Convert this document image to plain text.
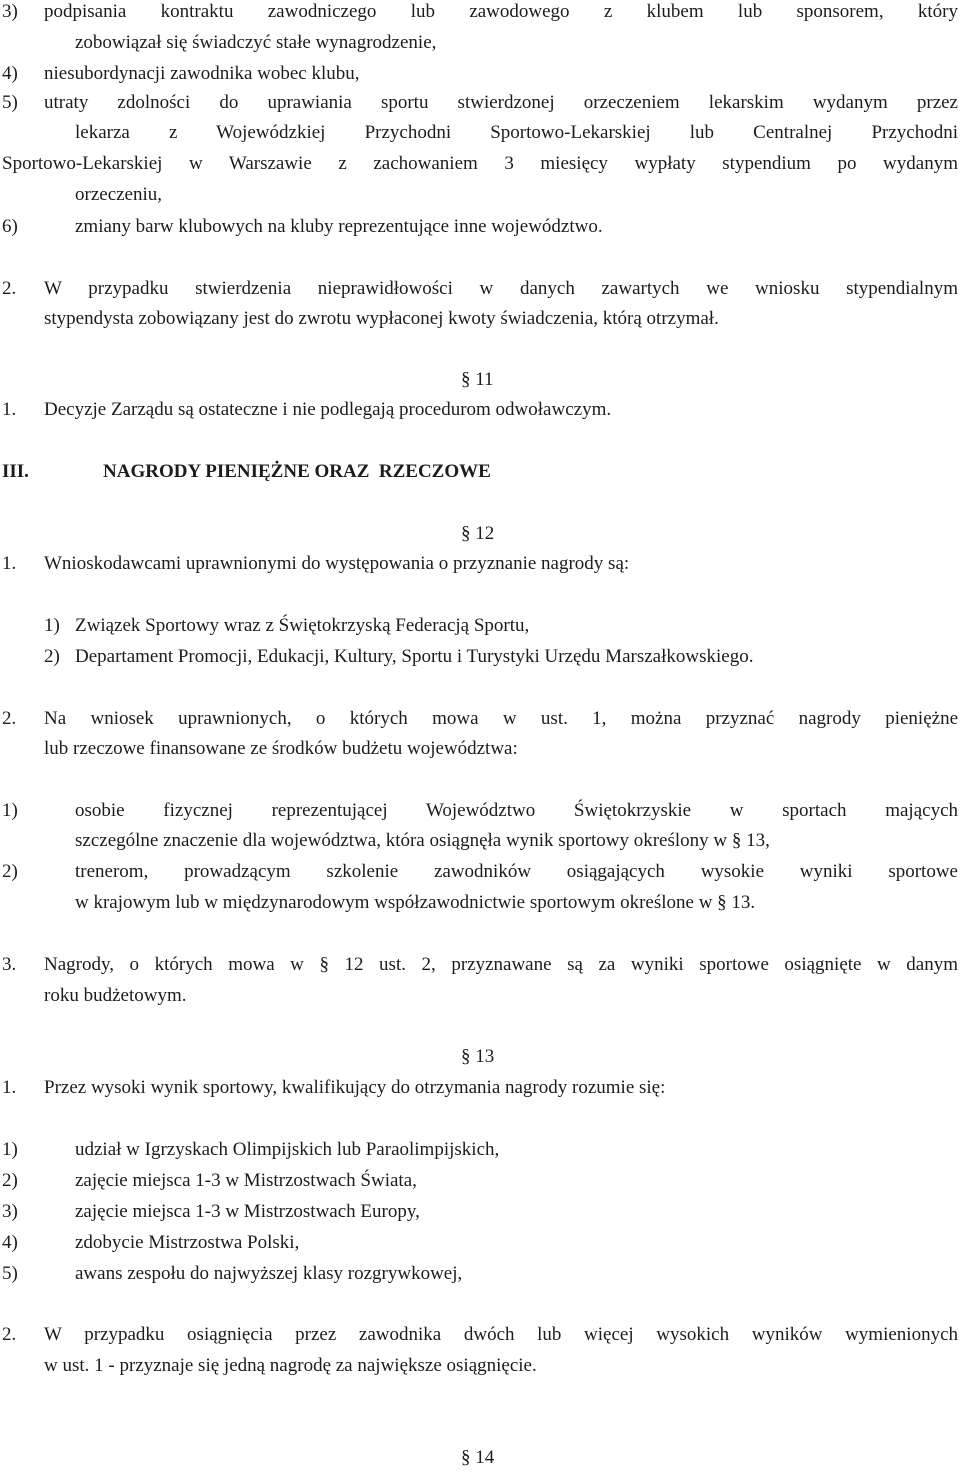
3) podpisania kontraktu zawodniczego lub zawodowego z klubem lub sponsorem, który
zobowiązał się świadczyć stałe wynagrodzenie,
4) niesubordynacji zawodnika wobec klubu,
5) utraty zdolności do uprawiania sportu stwierdzonej orzeczeniem lekarskim wydanym przez
lekarza z Wojewódzkiej Przychodni Sportowo-Lekarskiej lub Centralnej Przychodni
Sportowo-Lekarskiej w Warszawie z zachowaniem 3 miesięcy wypłaty stypendium po wydanym
orzeczeniu,
6)	zmiany barw klubowych na kluby reprezentujące inne województwo.
2. W przypadku stwierdzenia nieprawidłowości w danych zawartych we wniosku stypendialnym
stypendysta zobowiązany jest do zwrotu wypłaconej kwoty świadczenia, którą otrzymał.
§ 11
1. Decyzje Zarządu są ostateczne i nie podlegają procedurom odwoławczym.
III.	NAGRODY PIENIĘŻNE ORAZ  RZECZOWE
§ 12
1. Wnioskodawcami uprawnionymi do występowania o przyznanie nagrody są:
1) Związek Sportowy wraz z Świętokrzyską Federacją Sportu,
2) Departament Promocji, Edukacji, Kultury, Sportu i Turystyki Urzędu Marszałkowskiego.
2. Na wniosek uprawnionych, o których mowa w ust. 1, można przyznać nagrody pieniężne
lub rzeczowe finansowane ze środków budżetu województwa:
1)	osobie fizycznej reprezentującej Województwo Świętokrzyskie w sportach mających
szczególne znaczenie dla województwa, która osiągnęła wynik sportowy określony w § 13,
2)	trenerom, prowadzącym szkolenie zawodników osiągających wysokie wyniki sportowe
w krajowym lub w międzynarodowym współzawodnictwie sportowym określone w § 13.
3. Nagrody, o których mowa w § 12 ust. 2, przyznawane są za wyniki sportowe osiągnięte w danym
roku budżetowym.
§ 13
1. Przez wysoki wynik sportowy, kwalifikujący do otrzymania nagrody rozumie się:
1)	udział w Igrzyskach Olimpijskich lub Paraolimpijskich,
2)	zajęcie miejsca 1-3 w Mistrzostwach Świata,
3)	zajęcie miejsca 1-3 w Mistrzostwach Europy,
4)	zdobycie Mistrzostwa Polski,
5)	awans zespołu do najwyższej klasy rozgrywkowej,
2. W przypadku osiągnięcia przez zawodnika dwóch lub więcej wysokich wyników wymienionych
w ust. 1 - przyznaje się jedną nagrodę za największe osiągnięcie.
§ 14
